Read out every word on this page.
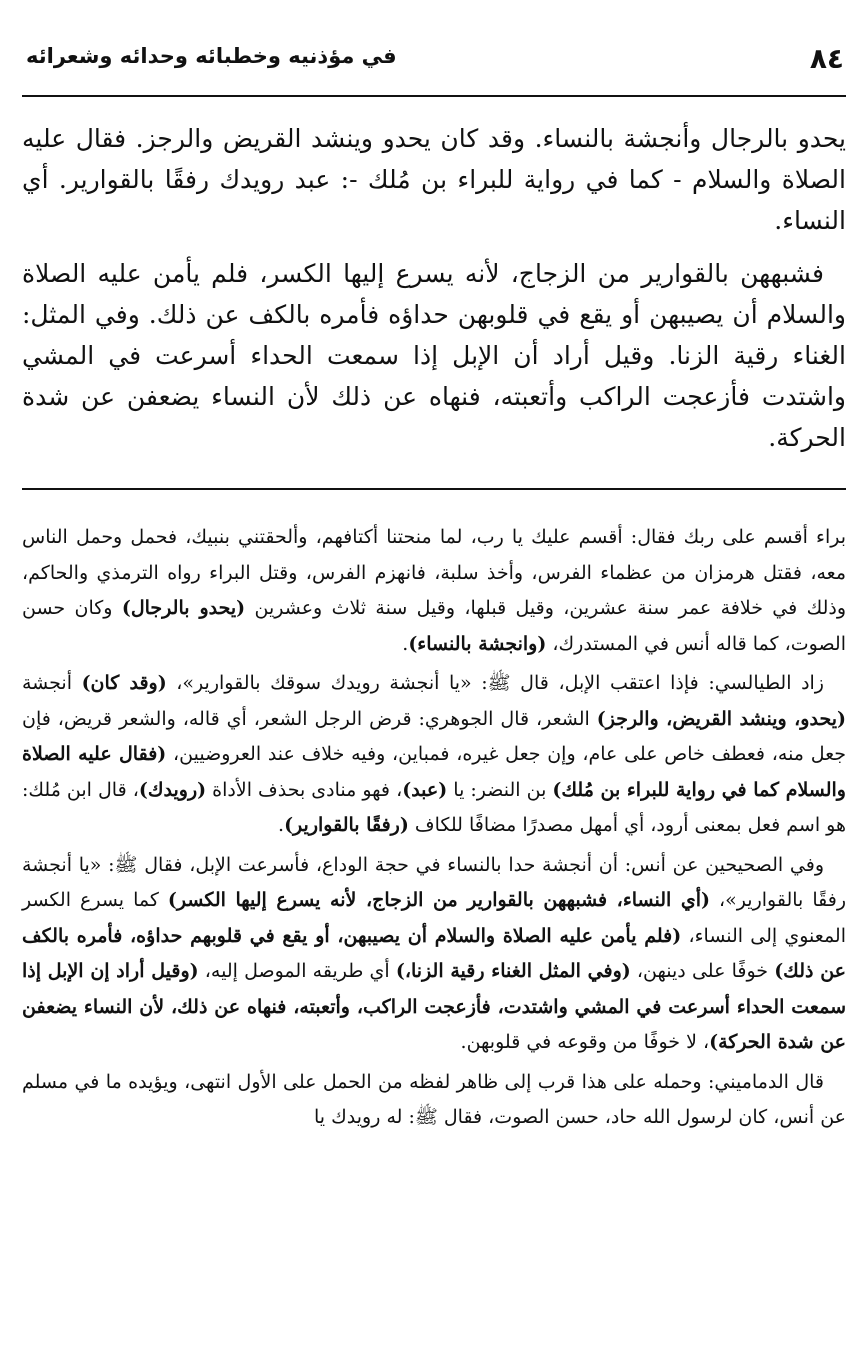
٨٤
في مؤذنيه وخطبائه وحدائه وشعرائه

يحدو بالرجال وأنجشة بالنساء. وقد كان يحدو وينشد القريض والرجز. فقال عليه الصلاة والسلام - كما في رواية للبراء بن مُلك -: عبد رويدك رفقًا بالقوارير. أي النساء.

فشبههن بالقوارير من الزجاج، لأنه يسرع إليها الكسر، فلم يأمن عليه الصلاة والسلام أن يصيبهن أو يقع في قلوبهن حداؤه فأمره بالكف عن ذلك. وفي المثل: الغناء رقية الزنا. وقيل أراد أن الإبل إذا سمعت الحداء أسرعت في المشي واشتدت فأزعجت الراكب وأتعبته، فنهاه عن ذلك لأن النساء يضعفن عن شدة الحركة.

براء أقسم على ربك فقال: أقسم عليك يا رب، لما منحتنا أكتافهم، وألحقتني بنبيك، فحمل وحمل الناس معه، فقتل هرمزان من عظماء الفرس، وأخذ سلبة، فانهزم الفرس، وقتل البراء رواه الترمذي والحاكم، وذلك في خلافة عمر سنة عشرين، وقيل قبلها، وقيل سنة ثلاث وعشرين (يحدو بالرجال) وكان حسن الصوت، كما قاله أنس في المستدرك، (وانجشة بالنساء).

زاد الطيالسي: فإذا اعتقب الإبل، قال ﷺ: «يا أنجشة رويدك سوقك بالقوارير»، (وقد كان) أنجشة (يحدو، وينشد القريض، والرجز) الشعر، قال الجوهري: قرض الرجل الشعر، أي قاله، والشعر قريض، فإن جعل منه، فعطف خاص على عام، وإن جعل غيره، فمباين، وفيه خلاف عند العروضيين، (فقال عليه الصلاة والسلام كما في رواية للبراء بن مُلك) بن النضر: يا (عبد)، فهو منادى بحذف الأداة (رويدك)، قال ابن مُلك: هو اسم فعل بمعنى أرود، أي أمهل مصدرًا مضافًا للكاف (رفقًا بالقوارير).

وفي الصحيحين عن أنس: أن أنجشة حدا بالنساء في حجة الوداع، فأسرعت الإبل، فقال ﷺ: «يا أنجشة رفقًا بالقوارير»، (أي النساء، فشبههن بالقوارير من الزجاج، لأنه يسرع إليها الكسر) كما يسرع الكسر المعنوي إلى النساء، (فلم يأمن عليه الصلاة والسلام أن يصيبهن، أو يقع في قلوبهم حداؤه، فأمره بالكف عن ذلك) خوفًا على دينهن، (وفي المثل الغناء رقية الزنا،) أي طريقه الموصل إليه، (وقيل أراد إن الإبل إذا سمعت الحداء أسرعت في المشي واشتدت، فأزعجت الراكب، وأتعبته، فنهاه عن ذلك، لأن النساء يضعفن عن شدة الحركة)، لا خوفًا من وقوعه في قلوبهن.

قال الدماميني: وحمله على هذا قرب إلى ظاهر لفظه من الحمل على الأول انتهى، ويؤيده ما في مسلم عن أنس، كان لرسول الله حاد، حسن الصوت، فقال ﷺ: له رويدك يا
